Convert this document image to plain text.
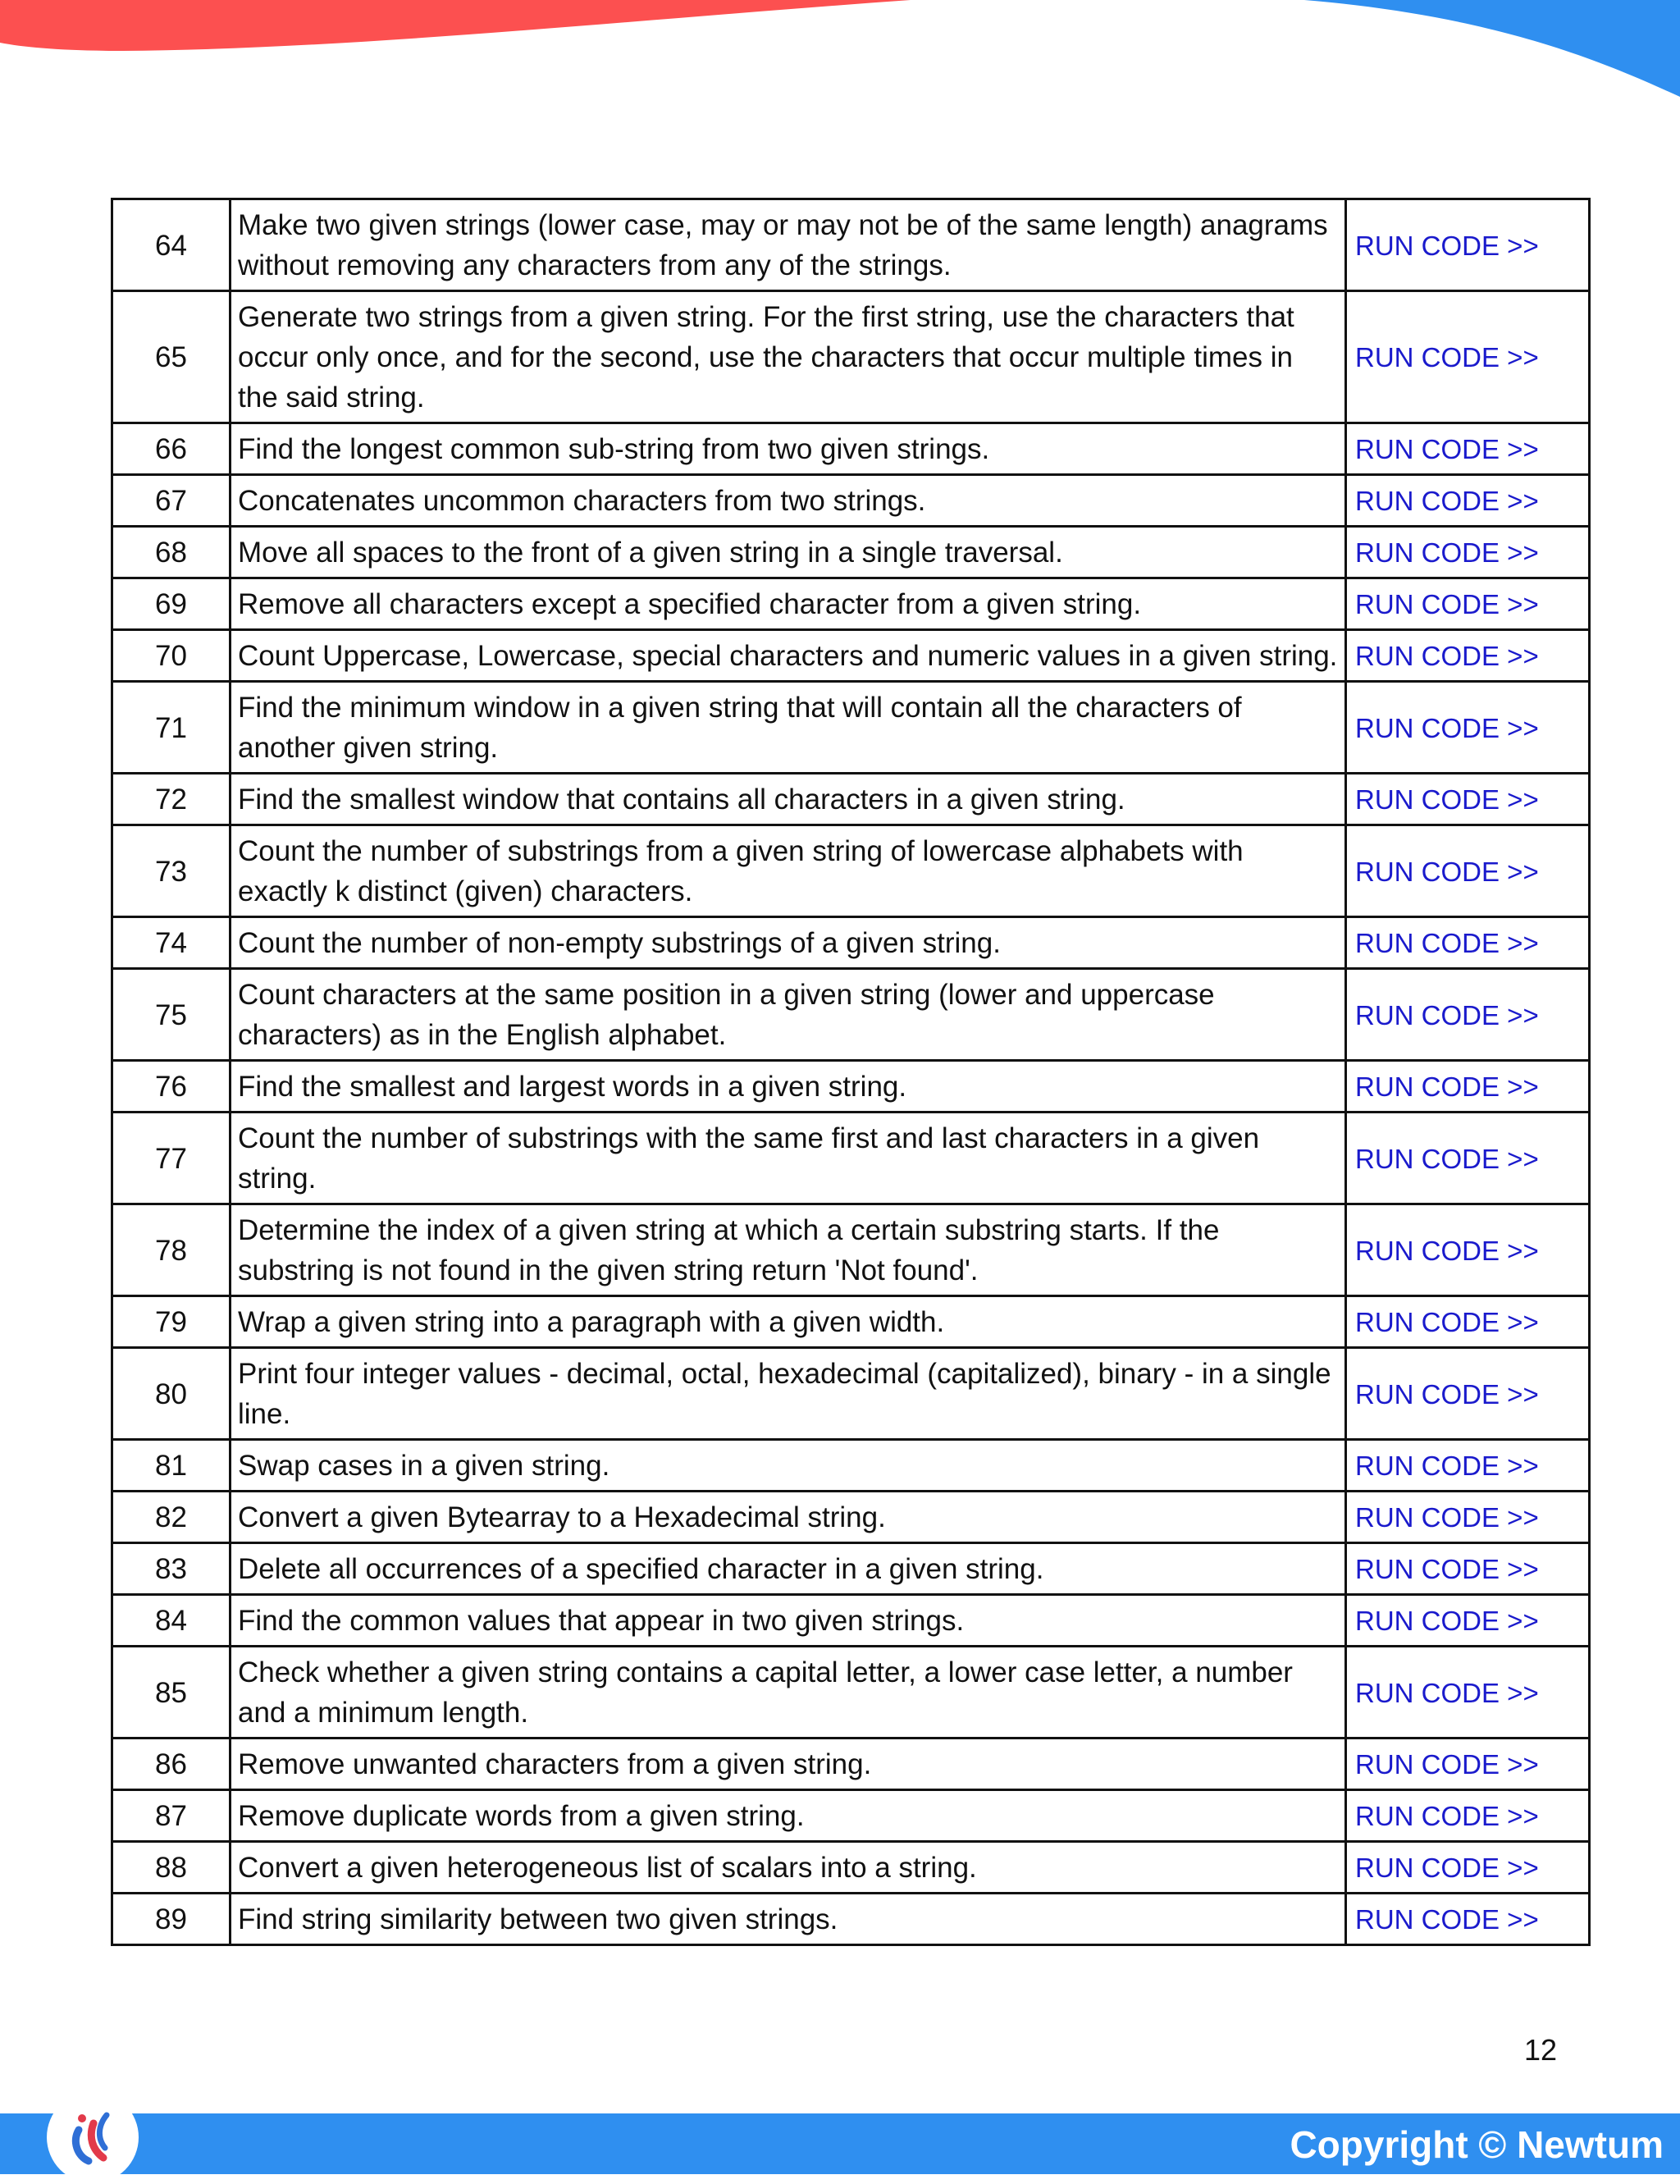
64	Make two given strings (lower case, may or may not be of the same length) anagrams without removing any characters from any of the strings.	RUN CODE >>
65	Generate two strings from a given string. For the first string, use the characters that occur only once, and for the second, use the characters that occur multiple times in the said string.	RUN CODE >>
66	Find the longest common sub-string from two given strings.	RUN CODE >>
67	Concatenates uncommon characters from two strings.	RUN CODE >>
68	Move all spaces to the front of a given string in a single traversal.	RUN CODE >>
69	Remove all characters except a specified character from a given string.	RUN CODE >>
70	Count Uppercase, Lowercase, special characters and numeric values in a given string.	RUN CODE >>
71	Find the minimum window in a given string that will contain all the characters of another given string.	RUN CODE >>
72	Find the smallest window that contains all characters in a given string.	RUN CODE >>
73	Count the number of substrings from a given string of lowercase alphabets with exactly k distinct (given) characters.	RUN CODE >>
74	Count the number of non-empty substrings of a given string.	RUN CODE >>
75	Count characters at the same position in a given string (lower and uppercase characters) as in the English alphabet.	RUN CODE >>
76	Find the smallest and largest words in a given string.	RUN CODE >>
77	Count the number of substrings with the same first and last characters in a given string.	RUN CODE >>
78	Determine the index of a given string at which a certain substring starts. If the substring is not found in the given string return 'Not found'.	RUN CODE >>
79	Wrap a given string into a paragraph with a given width.	RUN CODE >>
80	Print four integer values - decimal, octal, hexadecimal (capitalized), binary - in a single line.	RUN CODE >>
81	Swap cases in a given string.	RUN CODE >>
82	Convert a given Bytearray to a Hexadecimal string.	RUN CODE >>
83	Delete all occurrences of a specified character in a given string.	RUN CODE >>
84	Find the common values that appear in two given strings.	RUN CODE >>
85	Check whether a given string contains a capital letter, a lower case letter, a number and a minimum length.	RUN CODE >>
86	Remove unwanted characters from a given string.	RUN CODE >>
87	Remove duplicate words from a given string.	RUN CODE >>
88	Convert a given heterogeneous list of scalars into a string.	RUN CODE >>
89	Find string similarity between two given strings.	RUN CODE >>
12
Copyright © Newtum
